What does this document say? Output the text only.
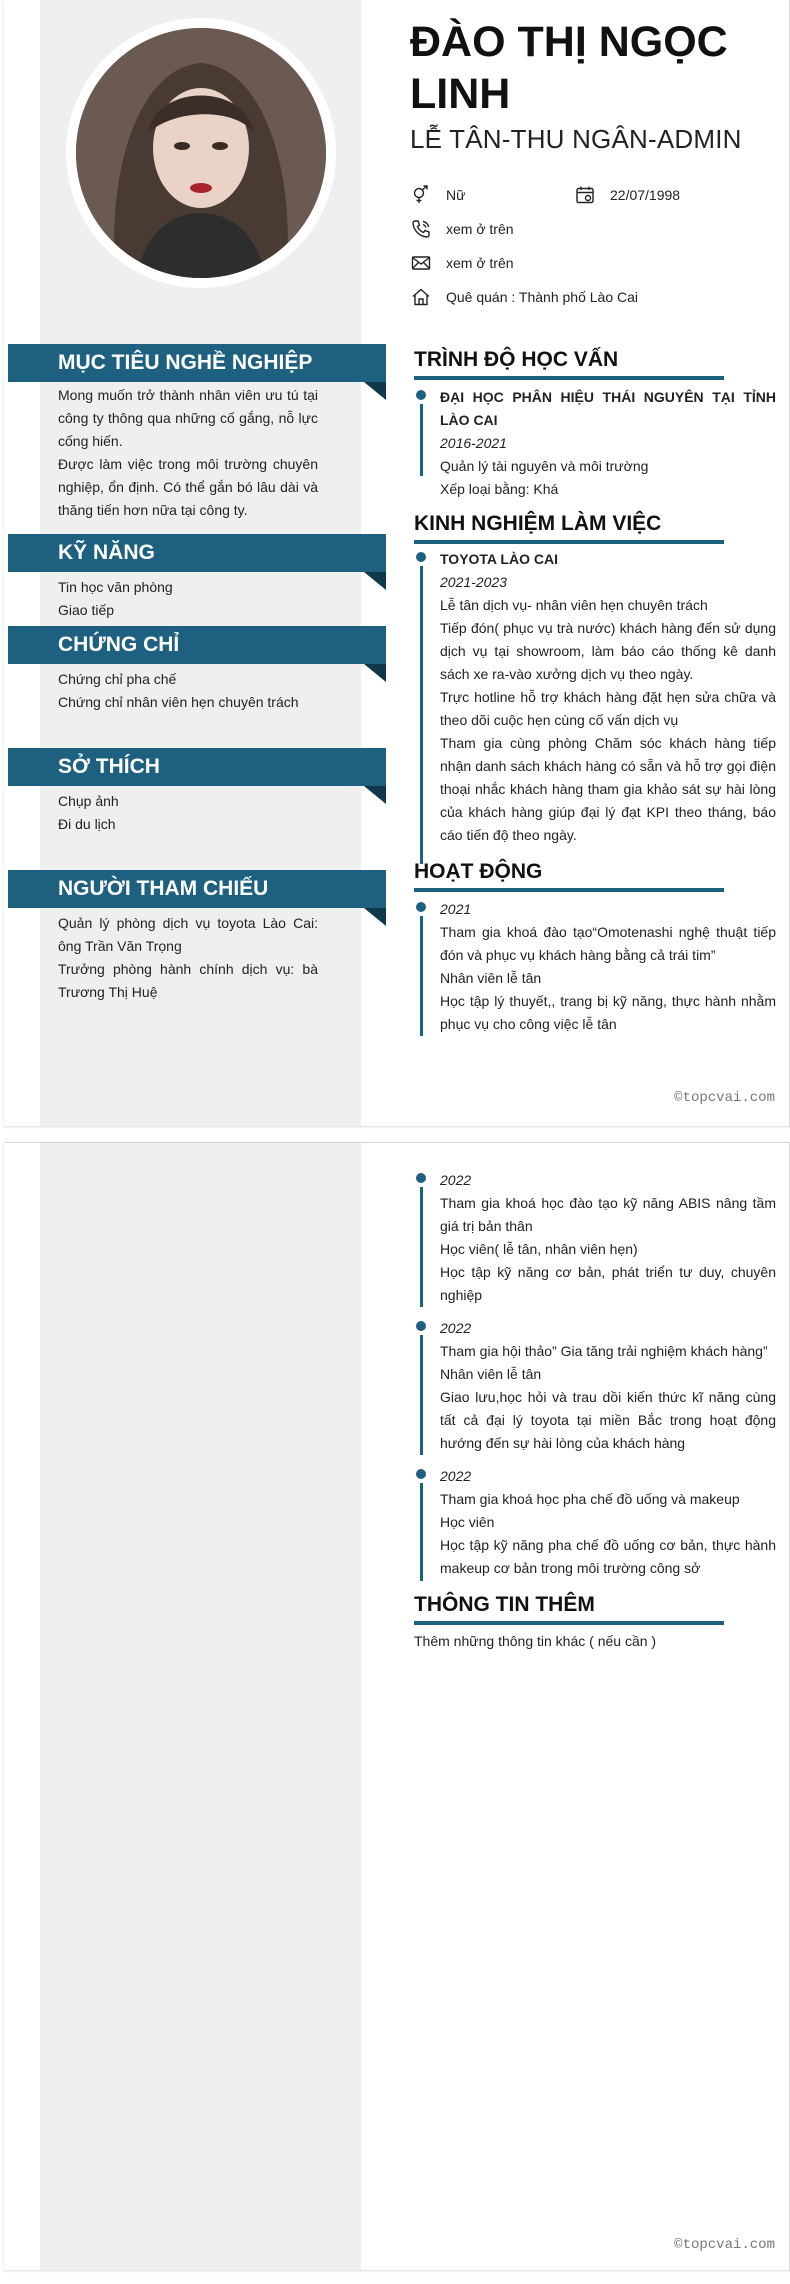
ĐÀO THỊ NGỌC LINH
LỄ TÂN-THU NGÂN-ADMIN
Nữ	22/07/1998
xem ở trên
xem ở trên
Quê quán : Thành phố Lào Cai
MỤC TIÊU NGHỀ NGHIỆP
Mong muốn trở thành nhân viên ưu tú tại công ty thông qua những cố gắng, nỗ lực cống hiến.
Được làm việc trong môi trường chuyên nghiệp, ổn định. Có thể gắn bó lâu dài và thăng tiến hơn nữa tại công ty.
KỸ NĂNG
Tin học văn phòng
Giao tiếp
CHỨNG CHỈ
Chứng chỉ pha chế
Chứng chỉ nhân viên hẹn chuyên trách
SỞ THÍCH
Chụp ảnh
Đi du lịch
NGƯỜI THAM CHIẾU
Quản lý phòng dịch vụ toyota Lào Cai: ông Trần Văn Trọng
Trưởng phòng hành chính dịch vụ: bà Trương Thị Huệ
TRÌNH ĐỘ HỌC VẤN
ĐẠI HỌC PHÂN HIỆU THÁI NGUYÊN TẠI TỈNH LÀO CAI
2016-2021
Quản lý tài nguyên và môi trường
Xếp loại bằng: Khá
KINH NGHIỆM LÀM VIỆC
TOYOTA LÀO CAI
2021-2023
Lễ tân dịch vụ- nhân viên hẹn chuyên trách
Tiếp đón( phục vụ trà nước) khách hàng đến sử dụng dịch vụ tại showroom, làm báo cáo thống kê danh sách xe ra-vào xưởng dịch vụ theo ngày.
Trực hotline hỗ trợ khách hàng đặt hẹn sửa chữa và theo dõi cuộc hẹn cùng cố vấn dịch vụ
Tham gia cùng phòng Chăm sóc khách hàng tiếp nhận danh sách khách hàng có sẵn và hỗ trợ gọi điện thoại nhắc khách hàng tham gia khảo sát sự hài lòng của khách hàng giúp đại lý đạt KPI theo tháng, báo cáo tiến độ theo ngày.
HOẠT ĐỘNG
2021
Tham gia khoá đào tạo“Omotenashi nghệ thuật tiếp đón và phục vụ khách hàng bằng cả trái tim”
Nhân viên lễ tân
Học tập lý thuyết,, trang bị kỹ năng, thực hành nhằm phục vụ cho công việc lễ tân
©topcvai.com
2022
Tham gia khoá học đào tạo kỹ năng ABIS nâng tầm giá trị bản thân
Học viên( lễ tân, nhân viên hẹn)
Học tập kỹ năng cơ bản, phát triển tư duy, chuyên nghiệp
2022
Tham gia hội thảo” Gia tăng trải nghiệm khách hàng”
Nhân viên lễ tân
Giao lưu,học hỏi và trau dồi kiến thức kĩ năng cùng tất cả đại lý toyota tại miền Bắc trong hoạt động hướng đến sự hài lòng của khách hàng
2022
Tham gia khoá học pha chế đồ uống và makeup
Học viên
Học tập kỹ năng pha chế đồ uống cơ bản, thực hành makeup cơ bản trong môi trường công sở
THÔNG TIN THÊM
Thêm những thông tin khác ( nếu cần )
©topcvai.com
